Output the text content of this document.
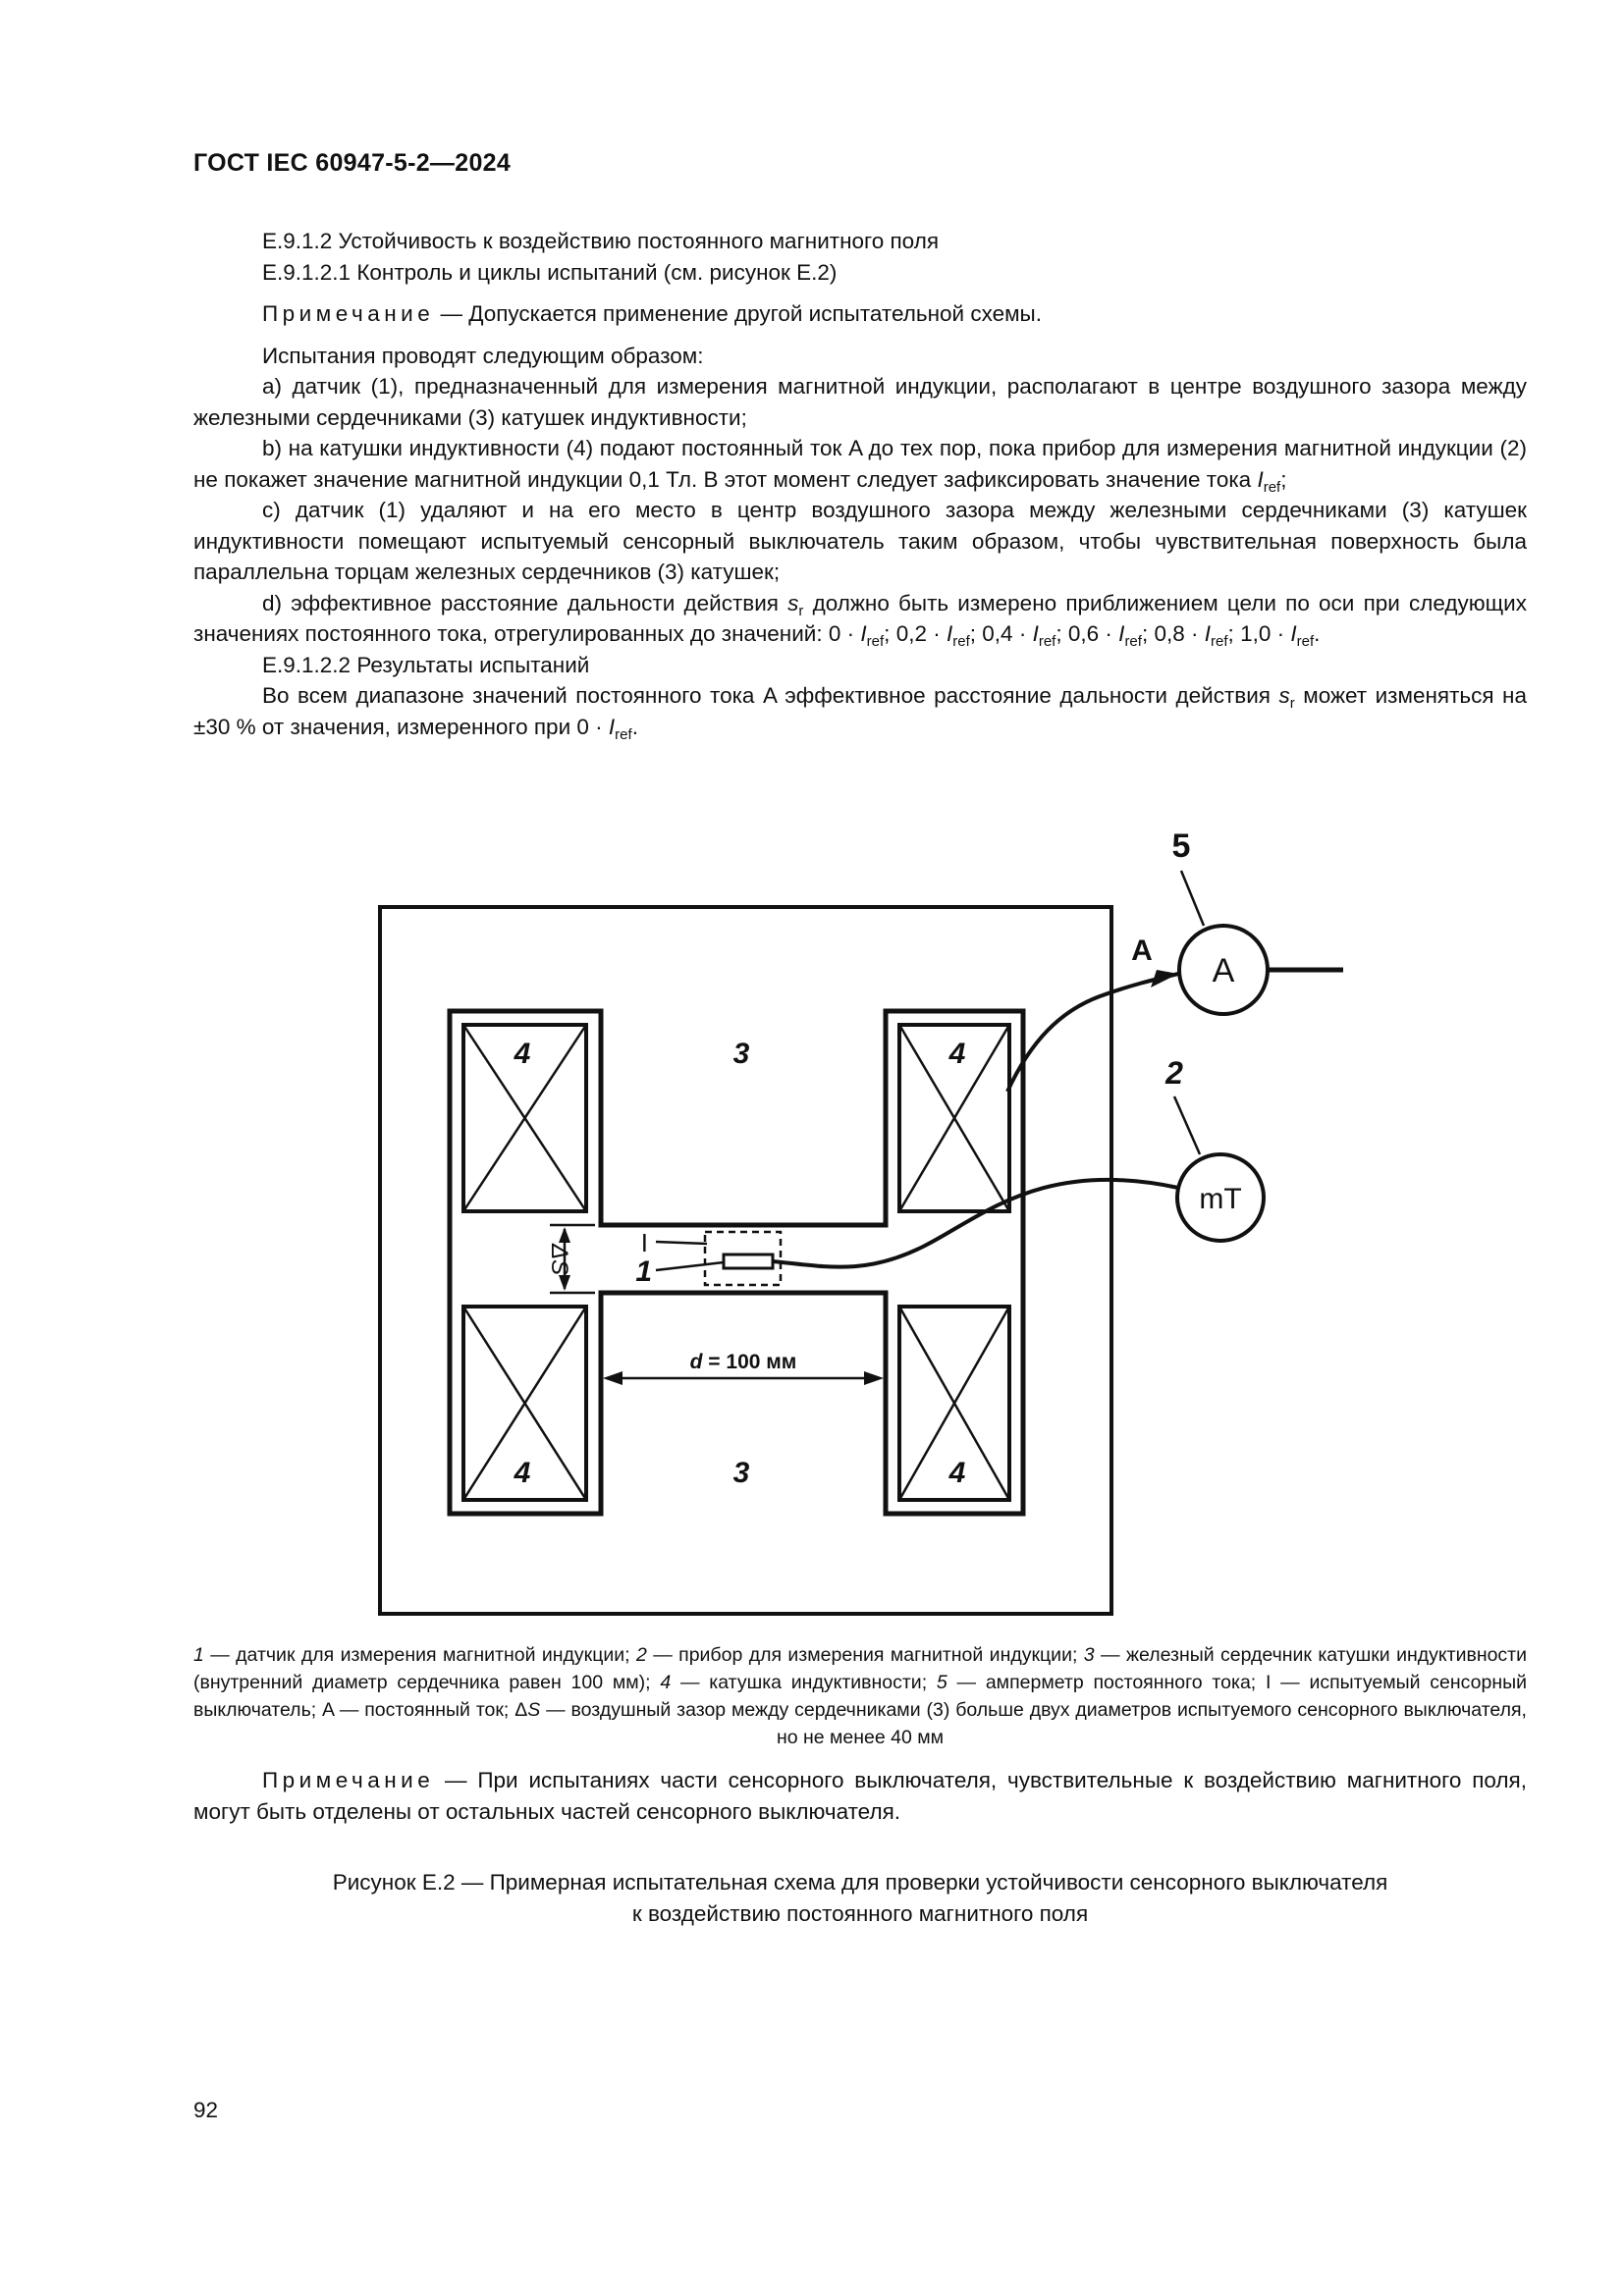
ГОСТ IEC 60947-5-2—2024

Е.9.1.2 Устойчивость к воздействию постоянного магнитного поля

Е.9.1.2.1 Контроль и циклы испытаний (см. рисунок Е.2)

Примечание — Допускается применение другой испытательной схемы.

Испытания проводят следующим образом:

a) датчик (1), предназначенный для измерения магнитной индукции, располагают в центре воздушного зазора между железными сердечниками (3) катушек индуктивности;

b) на катушки индуктивности (4) подают постоянный ток A до тех пор, пока прибор для измерения магнитной индукции (2) не покажет значение магнитной индукции 0,1 Тл. В этот момент следует зафиксировать значение тока $I_{ref}$;

c) датчик (1) удаляют и на его место в центр воздушного зазора между железными сердечниками (3) катушек индуктивности помещают испытуемый сенсорный выключатель таким образом, чтобы чувствительная поверхность была параллельна торцам железных сердечников (3) катушек;

d) эффективное расстояние дальности действия $s_r$ должно быть измерено приближением цели по оси при следующих значениях постоянного тока, отрегулированных до значений: $0 \cdot I_{ref}$; $0,2 \cdot I_{ref}$; $0,4 \cdot I_{ref}$; $0,6 \cdot I_{ref}$; $0,8 \cdot I_{ref}$; $1,0 \cdot I_{ref}$.

Е.9.1.2.2 Результаты испытаний

Во всем диапазоне значений постоянного тока A эффективное расстояние дальности действия $s_r$ может изменяться на ±30 % от значения, измеренного при $0 \cdot I_{ref}$.

4	4
4	4
3
3
ΔS
d = 100 мм
I
1
mT
2
A
5
A

1 — датчик для измерения магнитной индукции; 2 — прибор для измерения магнитной индукции; 3 — железный сердечник катушки индуктивности (внутренний диаметр сердечника равен 100 мм); 4 — катушка индуктивности; 5 — амперметр постоянного тока; I — испытуемый сенсорный выключатель; A — постоянный ток; ΔS — воздушный зазор между сердечниками (3) больше двух диаметров испытуемого сенсорного выключателя, но не менее 40 мм

Примечание — При испытаниях части сенсорного выключателя, чувствительные к воздействию магнитного поля, могут быть отделены от остальных частей сенсорного выключателя.

Рисунок Е.2 — Примерная испытательная схема для проверки устойчивости сенсорного выключателя

к воздействию постоянного магнитного поля

92
